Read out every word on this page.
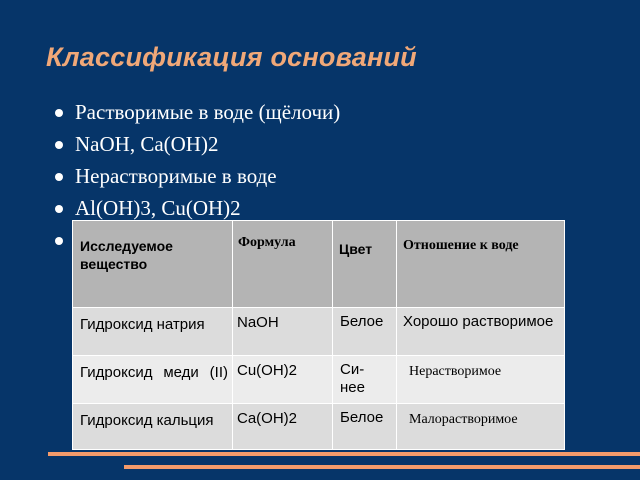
Классификация оснований
Растворимые в воде (щёлочи)
NaOH, Ca(OH)2
Нерастворимые в воде
Al(OH)3, Cu(OH)2
Исследуемое вещество	Формула	Цвет	Отношение к воде

Гидроксид натрия	NaOH	Белое	Хорошо растворимое

Гидроксид меди (II)	Cu(OH)2	Си-нее	Нерастворимое

Гидроксид кальция	Ca(OH)2	Белое	Малорастворимое
